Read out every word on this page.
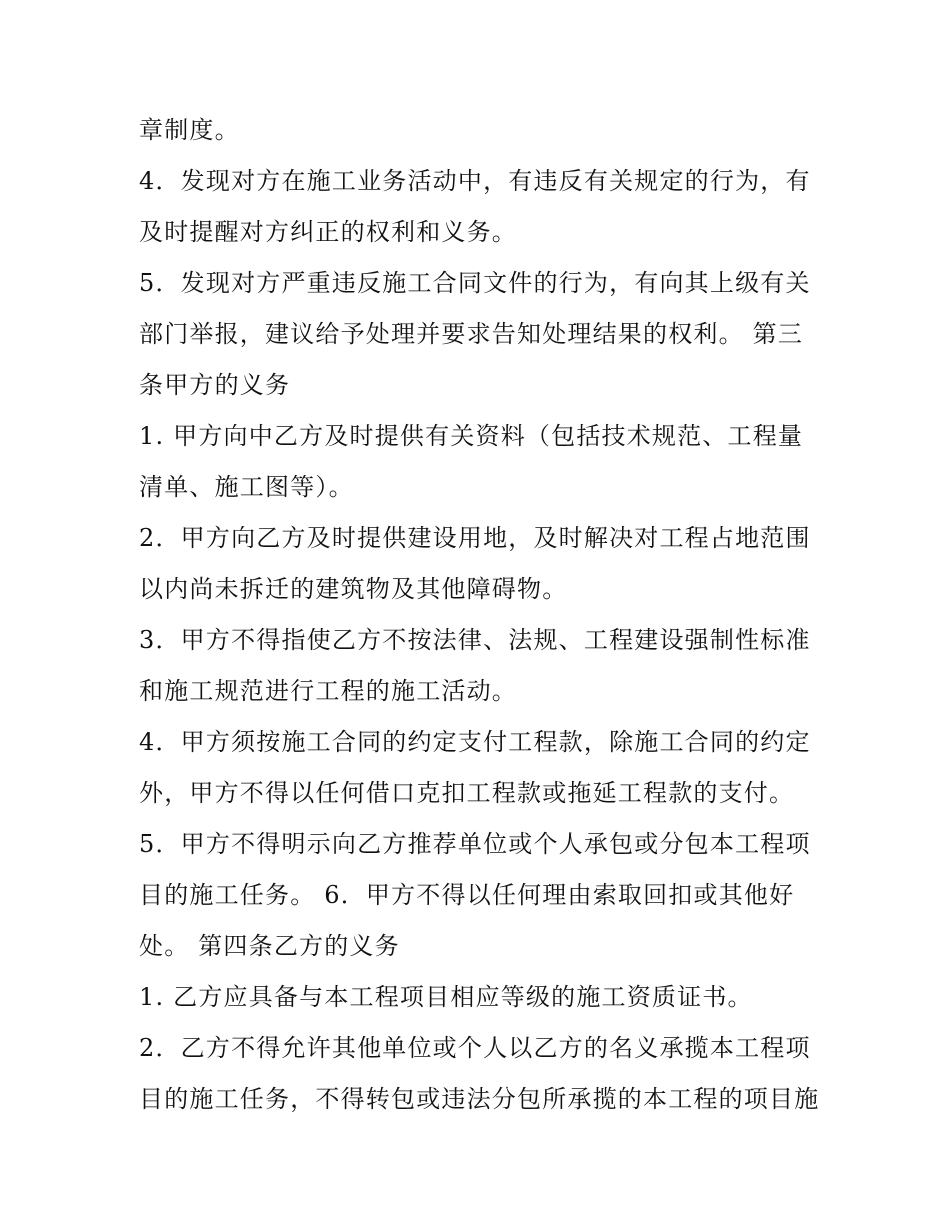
章制度。
4．发现对方在施工业务活动中，有违反有关规定的行为，有
及时提醒对方纠正的权利和义务。
5．发现对方严重违反施工合同文件的行为，有向其上级有关
部门举报，建议给予处理并要求告知处理结果的权利。 第三
条甲方的义务
1. 甲方向中乙方及时提供有关资料（包括技术规范、工程量
清单、施工图等）。
2．甲方向乙方及时提供建设用地，及时解决对工程占地范围
以内尚未拆迁的建筑物及其他障碍物。
3．甲方不得指使乙方不按法律、法规、工程建设强制性标准
和施工规范进行工程的施工活动。
4．甲方须按施工合同的约定支付工程款，除施工合同的约定
外，甲方不得以任何借口克扣工程款或拖延工程款的支付。
5．甲方不得明示向乙方推荐单位或个人承包或分包本工程项
目的施工任务。 6．甲方不得以任何理由索取回扣或其他好
处。 第四条乙方的义务
1. 乙方应具备与本工程项目相应等级的施工资质证书。
2．乙方不得允许其他单位或个人以乙方的名义承揽本工程项
目的施工任务，不得转包或违法分包所承揽的本工程的项目施
